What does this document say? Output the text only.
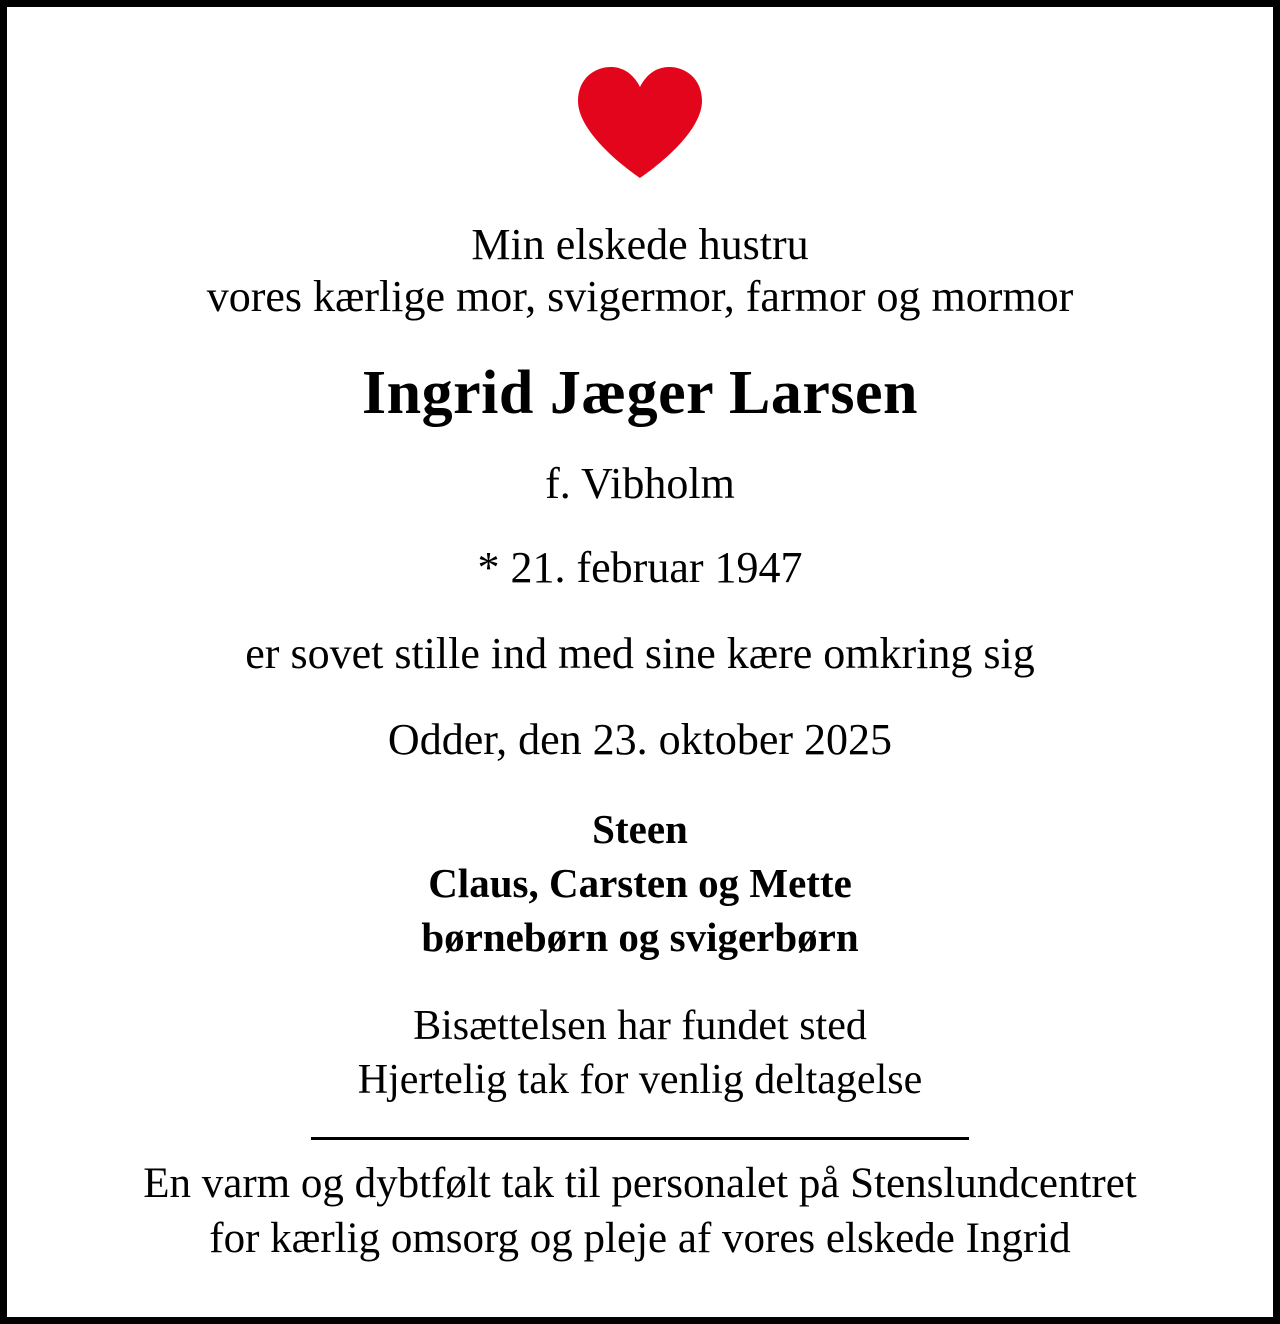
Min elskede hustru
vores kærlige mor, svigermor, farmor og mormor
Ingrid Jæger Larsen
f. Vibholm
* 21. februar 1947
er sovet stille ind med sine kære omkring sig
Odder, den 23. oktober 2025
Steen
Claus, Carsten og Mette
børnebørn og svigerbørn
Bisættelsen har fundet sted
Hjertelig tak for venlig deltagelse
En varm og dybtfølt tak til personalet på Stenslundcentret
for kærlig omsorg og pleje af vores elskede Ingrid
